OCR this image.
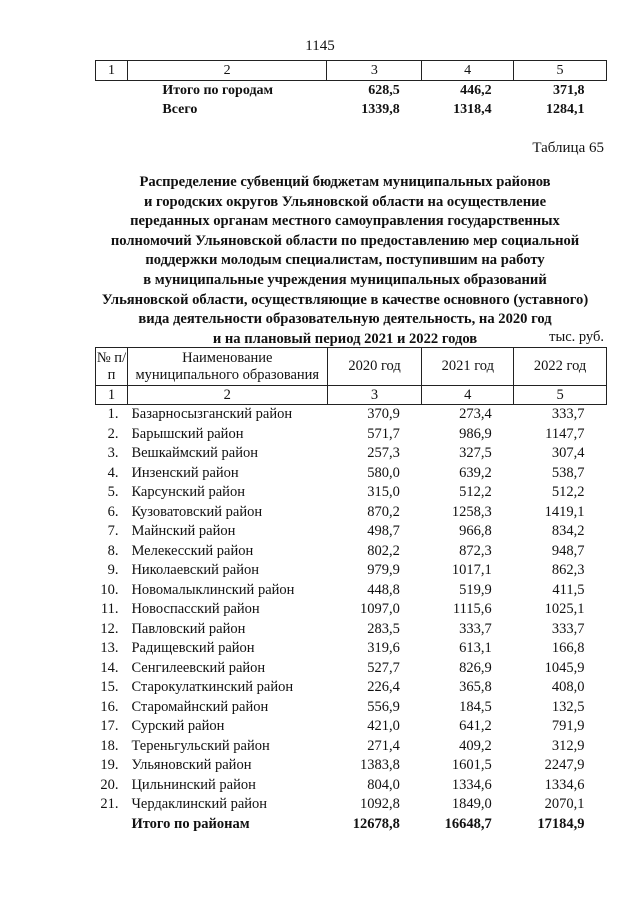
1145
1	2	3	4	5
	Итого по городам	628,5	446,2	371,8
	Всего	1339,8	1318,4	1284,1
Таблица 65
Распределение субвенций бюджетам муниципальных районов
и городских округов Ульяновской области на осуществление
переданных органам местного самоуправления государственных
полномочий Ульяновской области по предоставлению мер социальной
поддержки молодым специалистам, поступившим на работу
в муниципальные учреждения муниципальных образований
Ульяновской области, осуществляющие в качестве основного (уставного)
вида деятельности образовательную деятельность, на 2020 год
и на плановый период 2021 и 2022 годов	тыс. руб.
№ п/п	Наименование
муниципального образования	2020 год	2021 год	2022 год
1	2	3	4	5
1.	Базарносызганский район	370,9	273,4	333,7
2.	Барышский район	571,7	986,9	1147,7
3.	Вешкаймский район	257,3	327,5	307,4
4.	Инзенский район	580,0	639,2	538,7
5.	Карсунский район	315,0	512,2	512,2
6.	Кузоватовский район	870,2	1258,3	1419,1
7.	Майнский район	498,7	966,8	834,2
8.	Мелекесский район	802,2	872,3	948,7
9.	Николаевский район	979,9	1017,1	862,3
10.	Новомалыклинский район	448,8	519,9	411,5
11.	Новоспасский район	1097,0	1115,6	1025,1
12.	Павловский район	283,5	333,7	333,7
13.	Радищевский район	319,6	613,1	166,8
14.	Сенгилеевский район	527,7	826,9	1045,9
15.	Старокулаткинский район	226,4	365,8	408,0
16.	Старомайнский район	556,9	184,5	132,5
17.	Сурский район	421,0	641,2	791,9
18.	Тереньгульский район	271,4	409,2	312,9
19.	Ульяновский район	1383,8	1601,5	2247,9
20.	Цильнинский район	804,0	1334,6	1334,6
21.	Чердаклинский район	1092,8	1849,0	2070,1
	Итого по районам	12678,8	16648,7	17184,9
